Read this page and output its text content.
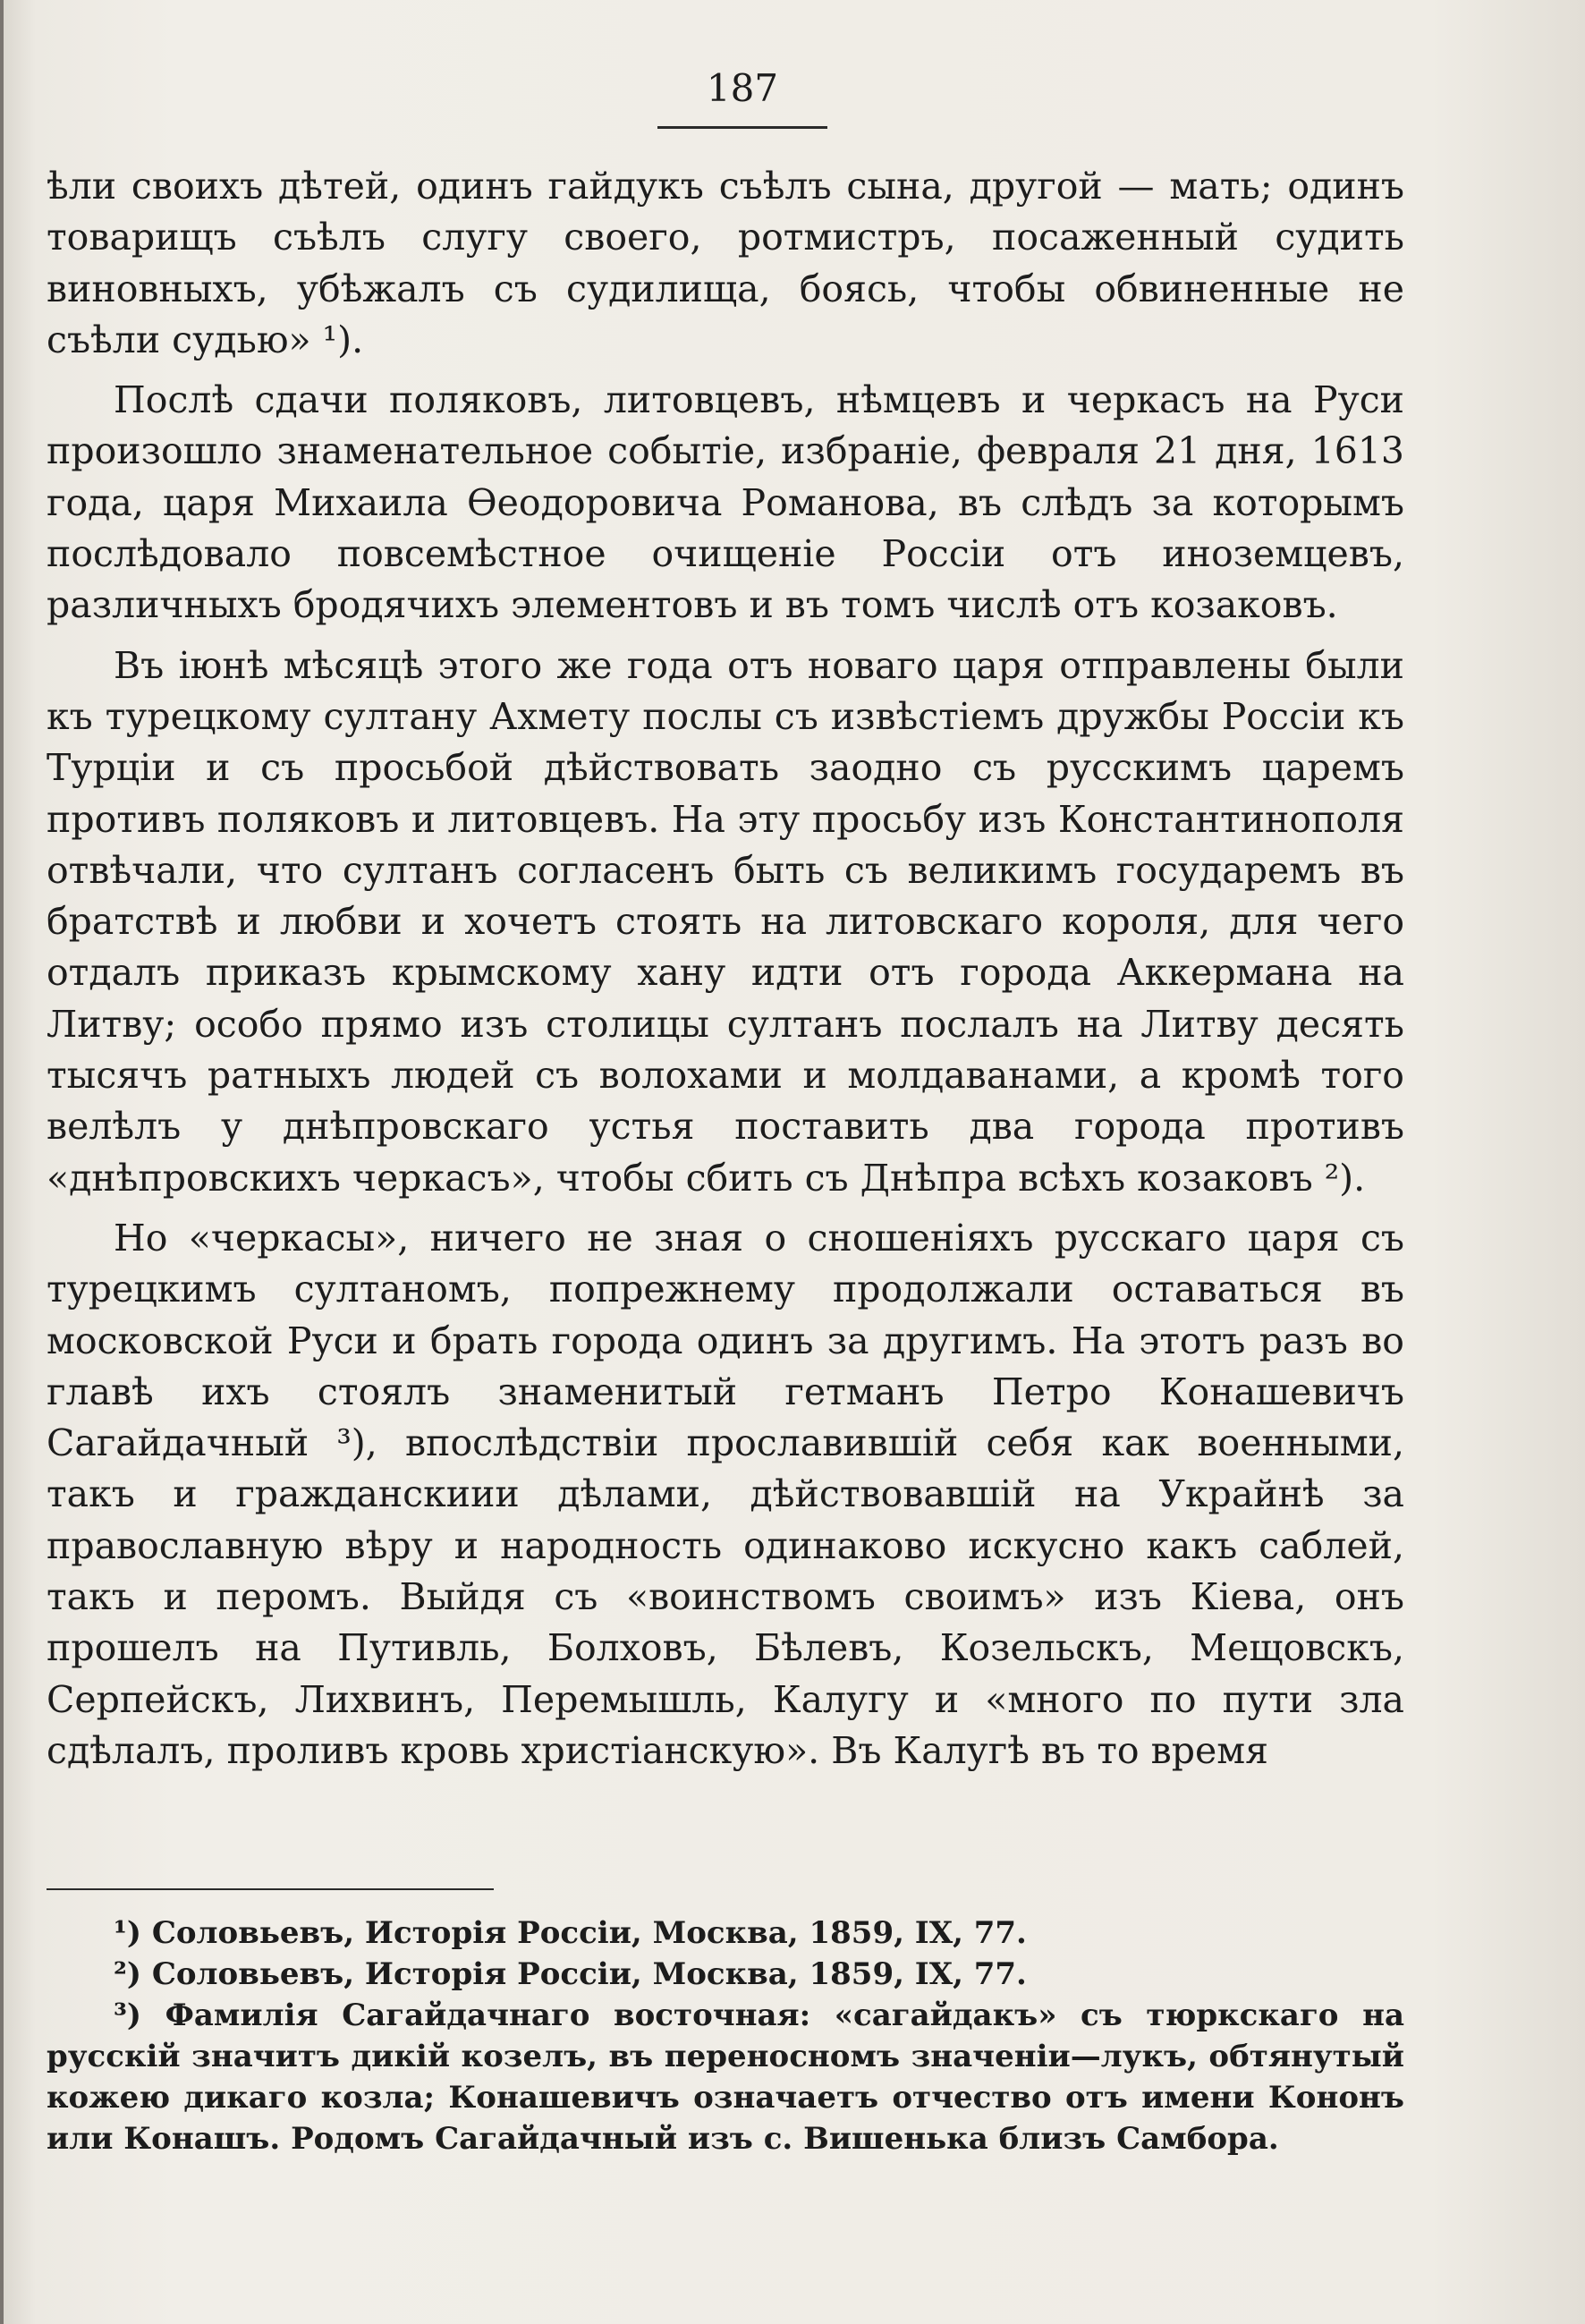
187

ѣли своихъ дѣтей, одинъ гайдукъ съѣлъ сына, другой — мать; одинъ товарищъ съѣлъ слугу своего, ротмистръ, посаженный судить виновныхъ, убѣжалъ съ судилища, боясь, чтобы обвиненные не съѣли судью» ¹).

Послѣ сдачи поляковъ, литовцевъ, нѣмцевъ и черкасъ на Руси произошло знаменательное событіе, избраніе, февраля 21 дня, 1613 года, царя Михаила Ѳеодоровича Романова, въ слѣдъ за которымъ послѣдовало повсемѣстное очищеніе Россіи отъ иноземцевъ, различныхъ бродячихъ элементовъ и въ томъ числѣ отъ козаковъ.

Въ іюнѣ мѣсяцѣ этого же года отъ новаго царя отправлены были къ турецкому султану Ахмету послы съ извѣстіемъ дружбы Россіи къ Турціи и съ просьбой дѣйствовать заодно съ русскимъ царемъ противъ поляковъ и литовцевъ. На эту просьбу изъ Константинополя отвѣчали, что султанъ согласенъ быть съ великимъ государемъ въ братствѣ и любви и хочетъ стоять на литовскаго короля, для чего отдалъ приказъ крымскому хану идти отъ города Аккермана на Литву; особо прямо изъ столицы султанъ послалъ на Литву десять тысячъ ратныхъ людей съ волохами и молдаванами, а кромѣ того велѣлъ у днѣпровскаго устья поставить два города противъ «днѣпровскихъ черкасъ», чтобы сбить съ Днѣпра всѣхъ козаковъ ²).

Но «черкасы», ничего не зная о сношеніяхъ русскаго царя съ турецкимъ султаномъ, попрежнему продолжали оставаться въ московской Руси и брать города одинъ за другимъ. На этотъ разъ во главѣ ихъ стоялъ знаменитый гетманъ Петро Конашевичъ Сагайдачный ³), впослѣдствіи прославившій себя как военными, такъ и гражданскиии дѣлами, дѣйствовавшій на Украйнѣ за православную вѣру и народность одинаково искусно какъ саблей, такъ и перомъ. Выйдя съ «воинствомъ своимъ» изъ Кіева, онъ прошелъ на Путивль, Болховъ, Бѣлевъ, Козельскъ, Мещовскъ, Серпейскъ, Лихвинъ, Перемышль, Калугу и «много по пути зла сдѣлалъ, проливъ кровь христіанскую». Въ Калугѣ въ то время

¹) Соловьевъ, Исторія Россіи, Москва, 1859, IX, 77.

²) Соловьевъ, Исторія Россіи, Москва, 1859, IX, 77.

³) Фамилія Сагайдачнаго восточная: «сагайдакъ» съ тюркскаго на русскій значитъ дикій козелъ, въ переносномъ значеніи—лукъ, обтянутый кожею дикаго козла; Конашевичъ означаетъ отчество отъ имени Кононъ или Конашъ. Родомъ Сагайдачный изъ с. Вишенька близъ Самбора.
